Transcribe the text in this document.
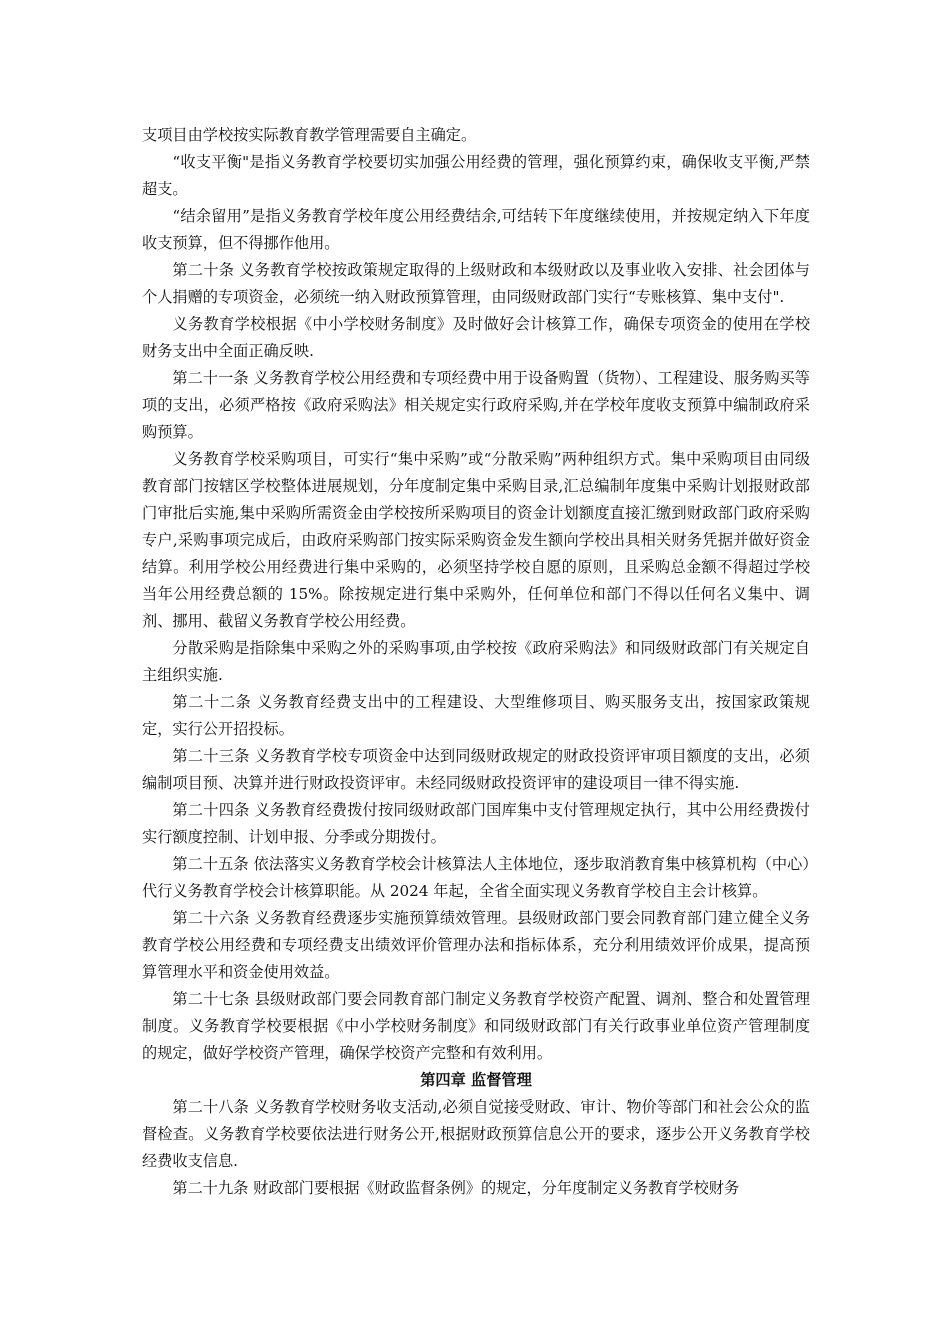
支项目由学校按实际教育教学管理需要自主确定。

“收支平衡"是指义务教育学校要切实加强公用经费的管理，强化预算约束，确保收支平衡,严禁超支。

“结余留用”是指义务教育学校年度公用经费结余,可结转下年度继续使用，并按规定纳入下年度收支预算，但不得挪作他用。

第二十条 义务教育学校按政策规定取得的上级财政和本级财政以及事业收入安排、社会团体与个人捐赠的专项资金，必须统一纳入财政预算管理，由同级财政部门实行“专账核算、集中支付".

义务教育学校根据《中小学校财务制度》及时做好会计核算工作，确保专项资金的使用在学校财务支出中全面正确反映.

第二十一条 义务教育学校公用经费和专项经费中用于设备购置（货物）、工程建设、服务购买等项的支出，必须严格按《政府采购法》相关规定实行政府采购,并在学校年度收支预算中编制政府采购预算。

义务教育学校采购项目，可实行“集中采购”或“分散采购”两种组织方式。集中采购项目由同级教育部门按辖区学校整体进展规划，分年度制定集中采购目录,汇总编制年度集中采购计划报财政部门审批后实施,集中采购所需资金由学校按所采购项目的资金计划额度直接汇缴到财政部门政府采购专户,采购事项完成后，由政府采购部门按实际采购资金发生额向学校出具相关财务凭据并做好资金结算。利用学校公用经费进行集中采购的，必须坚持学校自愿的原则，且采购总金额不得超过学校当年公用经费总额的 15%。除按规定进行集中采购外，任何单位和部门不得以任何名义集中、调剂、挪用、截留义务教育学校公用经费。

分散采购是指除集中采购之外的采购事项,由学校按《政府采购法》和同级财政部门有关规定自主组织实施.

第二十二条 义务教育经费支出中的工程建设、大型维修项目、购买服务支出，按国家政策规定，实行公开招投标。

第二十三条 义务教育学校专项资金中达到同级财政规定的财政投资评审项目额度的支出，必须编制项目预、决算并进行财政投资评审。未经同级财政投资评审的建设项目一律不得实施.

第二十四条 义务教育经费拨付按同级财政部门国库集中支付管理规定执行，其中公用经费拨付实行额度控制、计划申报、分季或分期拨付。

第二十五条 依法落实义务教育学校会计核算法人主体地位，逐步取消教育集中核算机构（中心）代行义务教育学校会计核算职能。从 2024 年起，全省全面实现义务教育学校自主会计核算。

第二十六条 义务教育经费逐步实施预算绩效管理。县级财政部门要会同教育部门建立健全义务教育学校公用经费和专项经费支出绩效评价管理办法和指标体系，充分利用绩效评价成果，提高预算管理水平和资金使用效益。

第二十七条 县级财政部门要会同教育部门制定义务教育学校资产配置、调剂、整合和处置管理制度。义务教育学校要根据《中小学校财务制度》和同级财政部门有关行政事业单位资产管理制度的规定，做好学校资产管理，确保学校资产完整和有效利用。

第四章 监督管理

第二十八条 义务教育学校财务收支活动,必须自觉接受财政、审计、物价等部门和社会公众的监督检查。义务教育学校要依法进行财务公开,根据财政预算信息公开的要求，逐步公开义务教育学校经费收支信息.

第二十九条 财政部门要根据《财政监督条例》的规定，分年度制定义务教育学校财务
